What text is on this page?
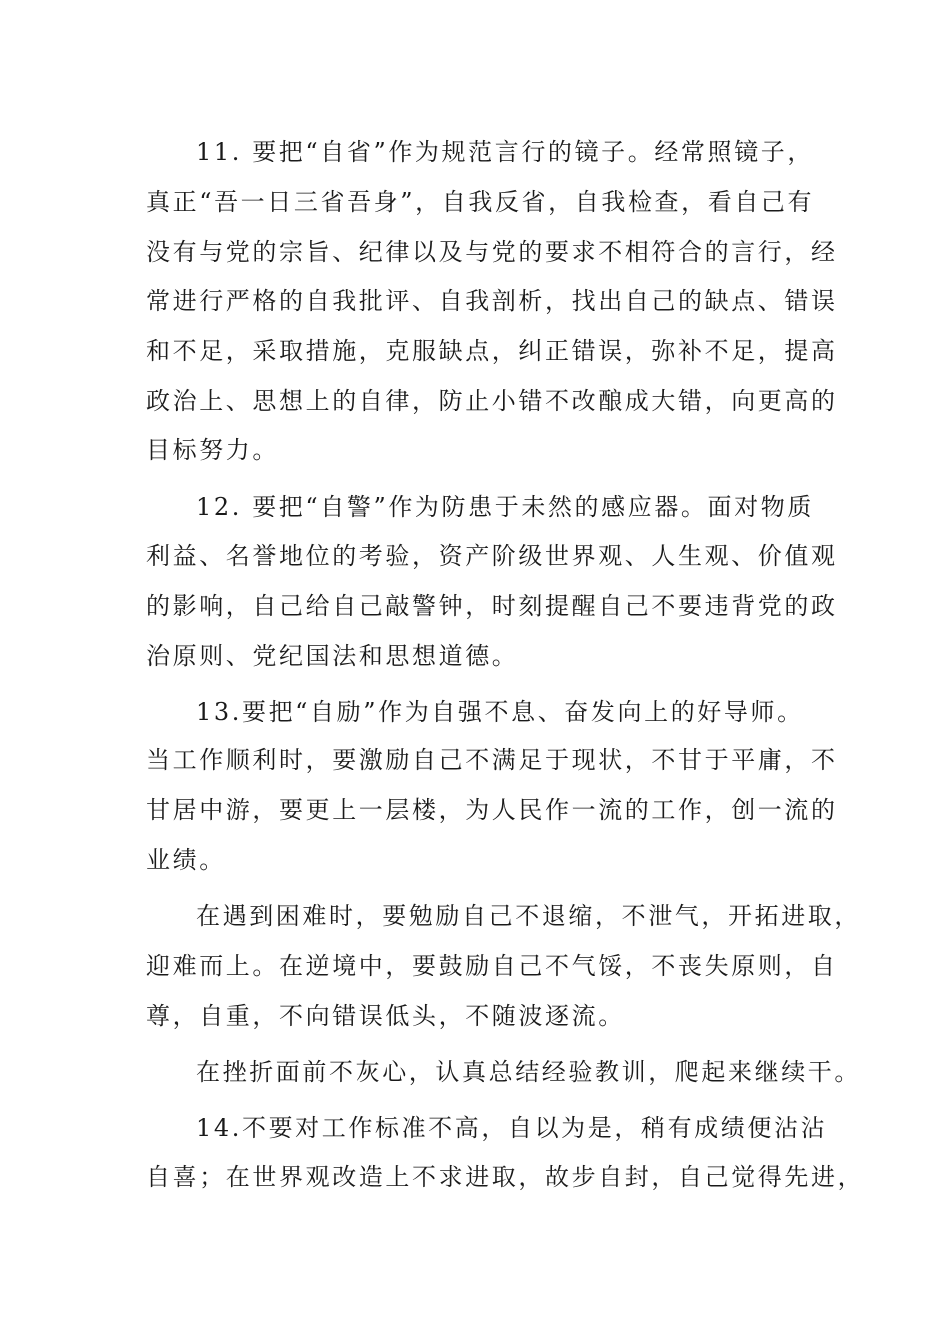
11. 要把“自省”作为规范言行的镜子。经常照镜子，
真正“吾一日三省吾身”，自我反省，自我检查，看自己有
没有与党的宗旨、纪律以及与党的要求不相符合的言行，经
常进行严格的自我批评、自我剖析，找出自己的缺点、错误
和不足，采取措施，克服缺点，纠正错误，弥补不足，提高
政治上、思想上的自律，防止小错不改酿成大错，向更高的
目标努力。
12. 要把“自警”作为防患于未然的感应器。面对物质
利益、名誉地位的考验，资产阶级世界观、人生观、价值观
的影响，自己给自己敲警钟，时刻提醒自己不要违背党的政
治原则、党纪国法和思想道德。
13.要把“自励”作为自强不息、奋发向上的好导师。
当工作顺利时，要激励自己不满足于现状，不甘于平庸，不
甘居中游，要更上一层楼，为人民作一流的工作，创一流的
业绩。
在遇到困难时，要勉励自己不退缩，不泄气，开拓进取，
迎难而上。在逆境中，要鼓励自己不气馁，不丧失原则，自
尊，自重，不向错误低头，不随波逐流。
在挫折面前不灰心，认真总结经验教训，爬起来继续干。
14.不要对工作标准不高，自以为是，稍有成绩便沾沾
自喜；在世界观改造上不求进取，故步自封，自己觉得先进，
